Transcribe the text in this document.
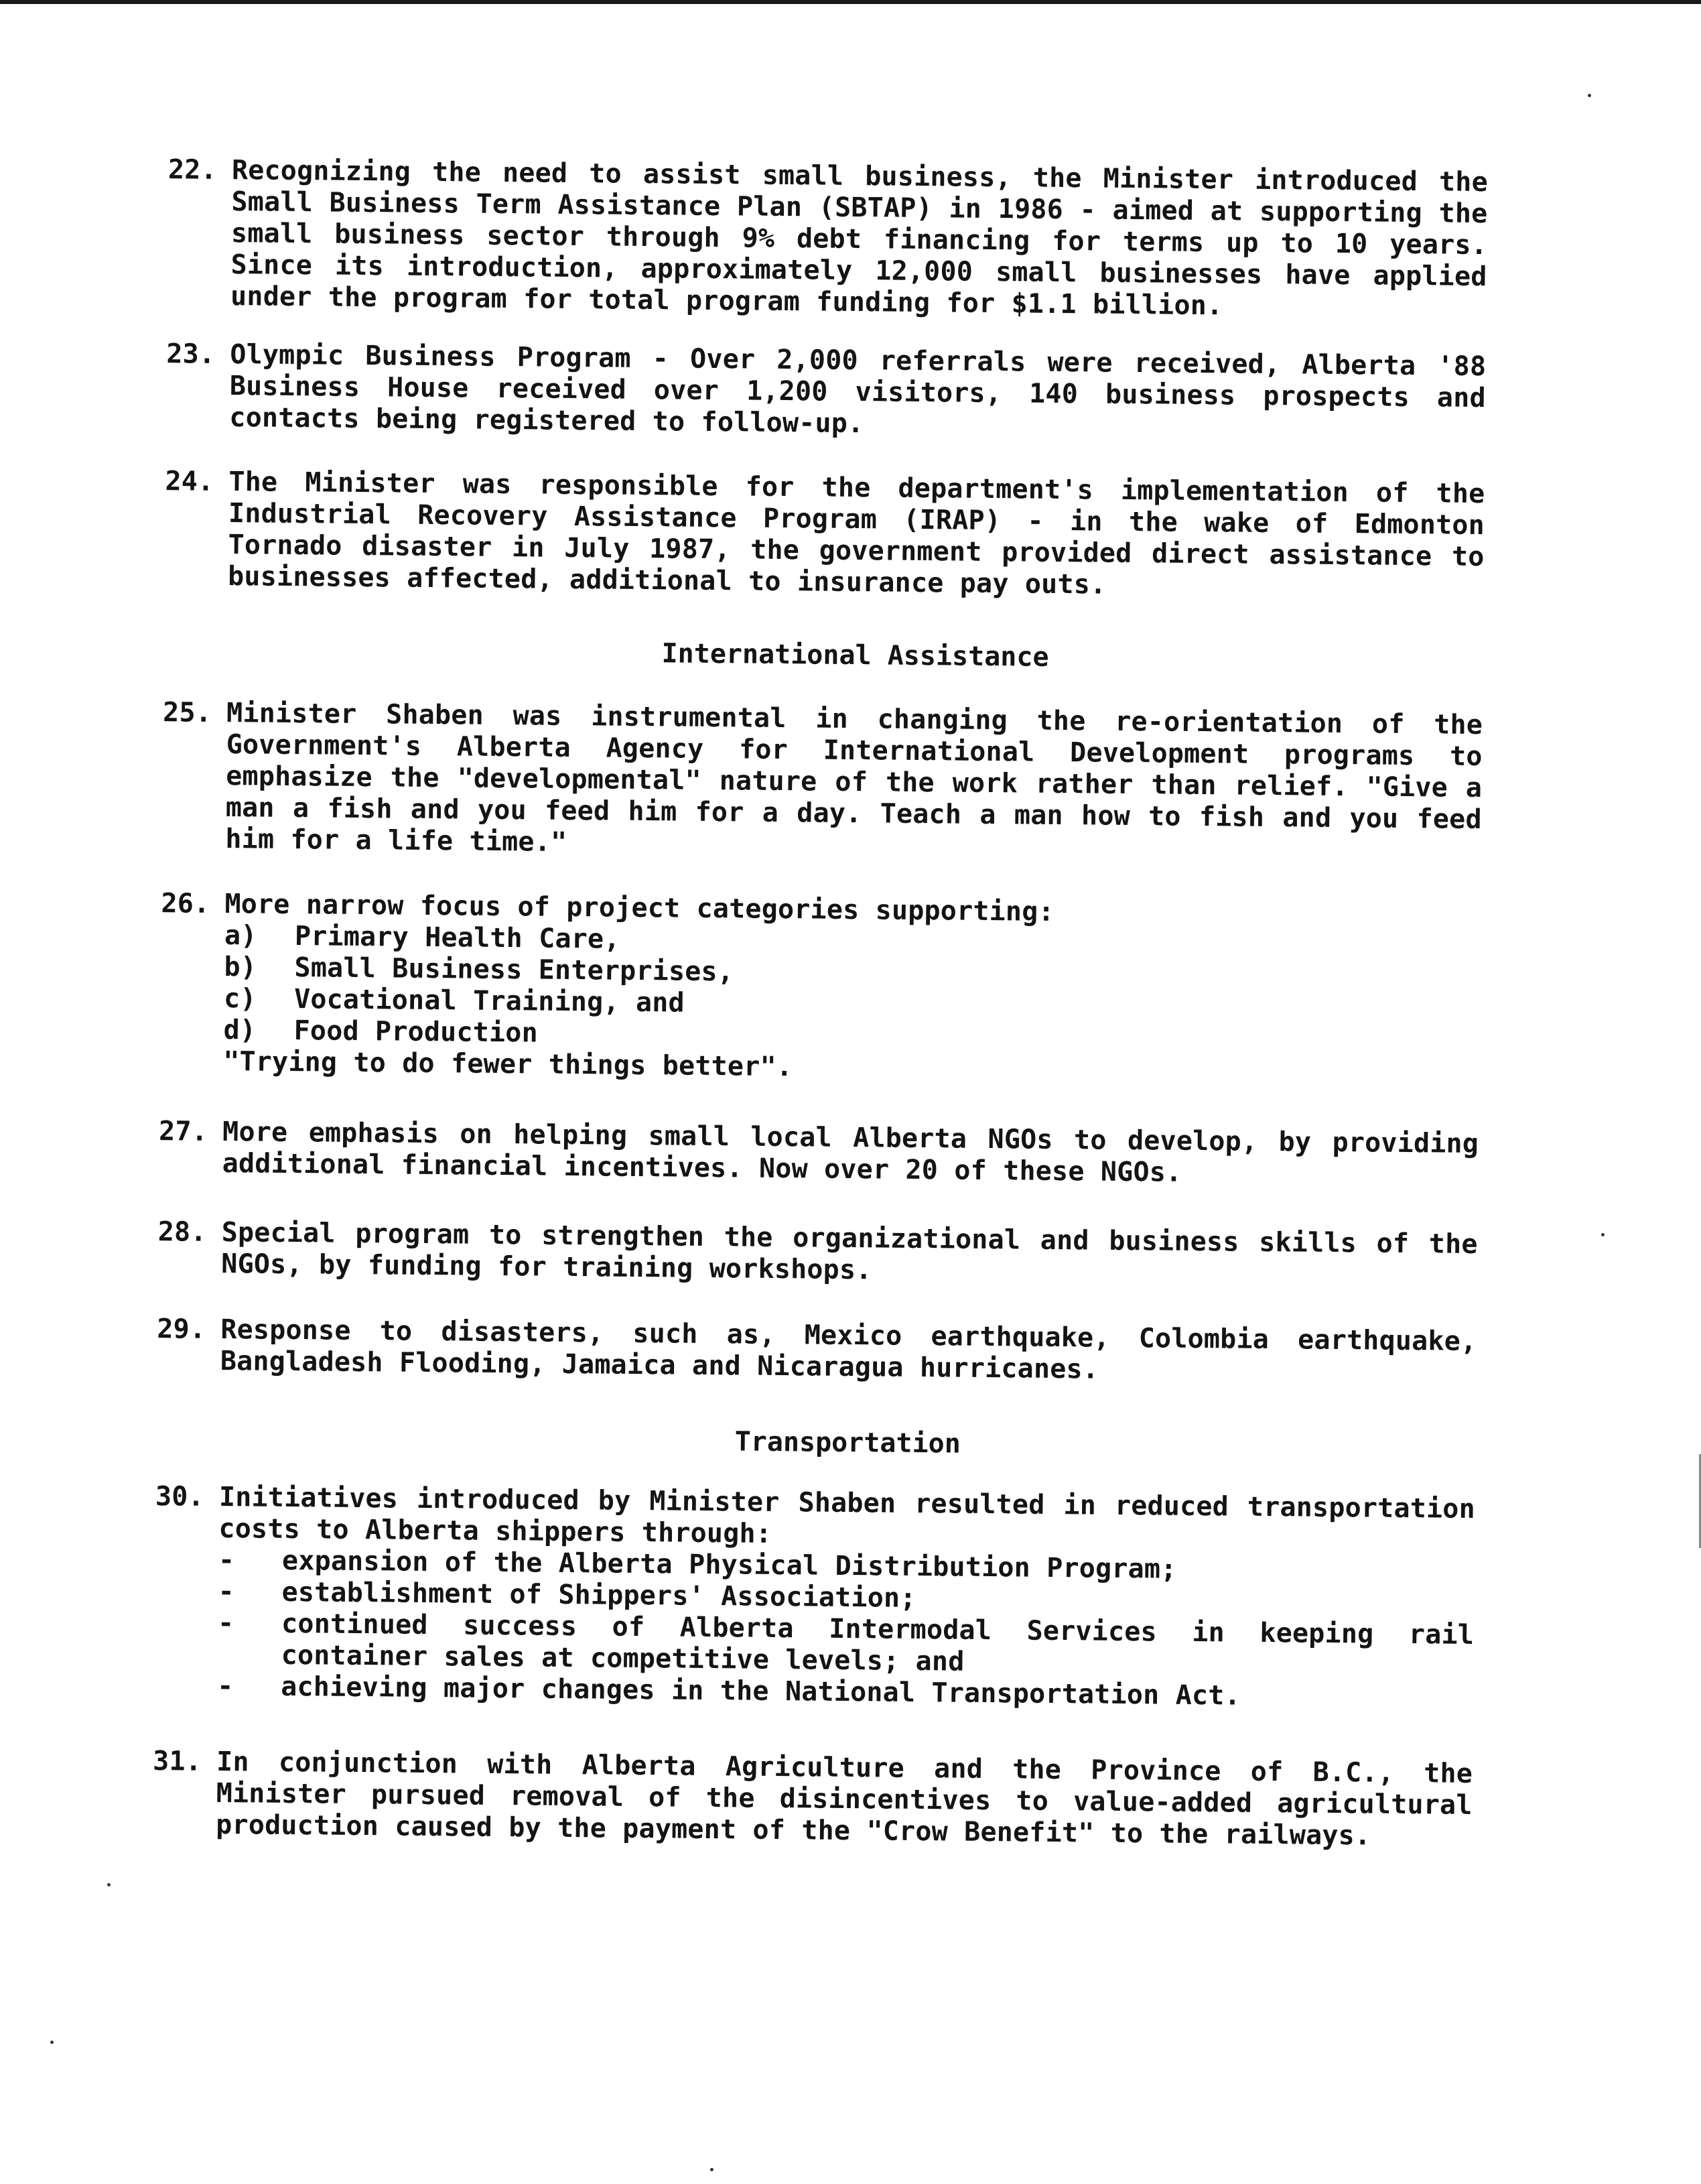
22. Recognizing the need to assist small business, the Minister introduced the Small Business Term Assistance Plan (SBTAP) in 1986 - aimed at supporting the small business sector through 9% debt financing for terms up to 10 years. Since its introduction, approximately 12,000 small businesses have applied under the program for total program funding for $1.1 billion.
23. Olympic Business Program - Over 2,000 referrals were received, Alberta '88 Business House received over 1,200 visitors, 140 business prospects and contacts being registered to follow-up.
24. The Minister was responsible for the department's implementation of the Industrial Recovery Assistance Program (IRAP) - in the wake of Edmonton Tornado disaster in July 1987, the government provided direct assistance to businesses affected, additional to insurance pay outs.
International Assistance
25. Minister Shaben was instrumental in changing the re-orientation of the Government's Alberta Agency for International Development programs to emphasize the "developmental" nature of the work rather than relief. "Give a man a fish and you feed him for a day. Teach a man how to fish and you feed him for a life time."
26. More narrow focus of project categories supporting:
a) Primary Health Care,
b) Small Business Enterprises,
c) Vocational Training, and
d) Food Production
"Trying to do fewer things better".
27. More emphasis on helping small local Alberta NGOs to develop, by providing additional financial incentives. Now over 20 of these NGOs.
28. Special program to strengthen the organizational and business skills of the NGOs, by funding for training workshops.
29. Response to disasters, such as, Mexico earthquake, Colombia earthquake, Bangladesh Flooding, Jamaica and Nicaragua hurricanes.
Transportation
30. Initiatives introduced by Minister Shaben resulted in reduced transportation costs to Alberta shippers through:
- expansion of the Alberta Physical Distribution Program;
- establishment of Shippers' Association;
- continued success of Alberta Intermodal Services in keeping rail container sales at competitive levels; and
- achieving major changes in the National Transportation Act.
31. In conjunction with Alberta Agriculture and the Province of B.C., the Minister pursued removal of the disincentives to value-added agricultural production caused by the payment of the "Crow Benefit" to the railways.
